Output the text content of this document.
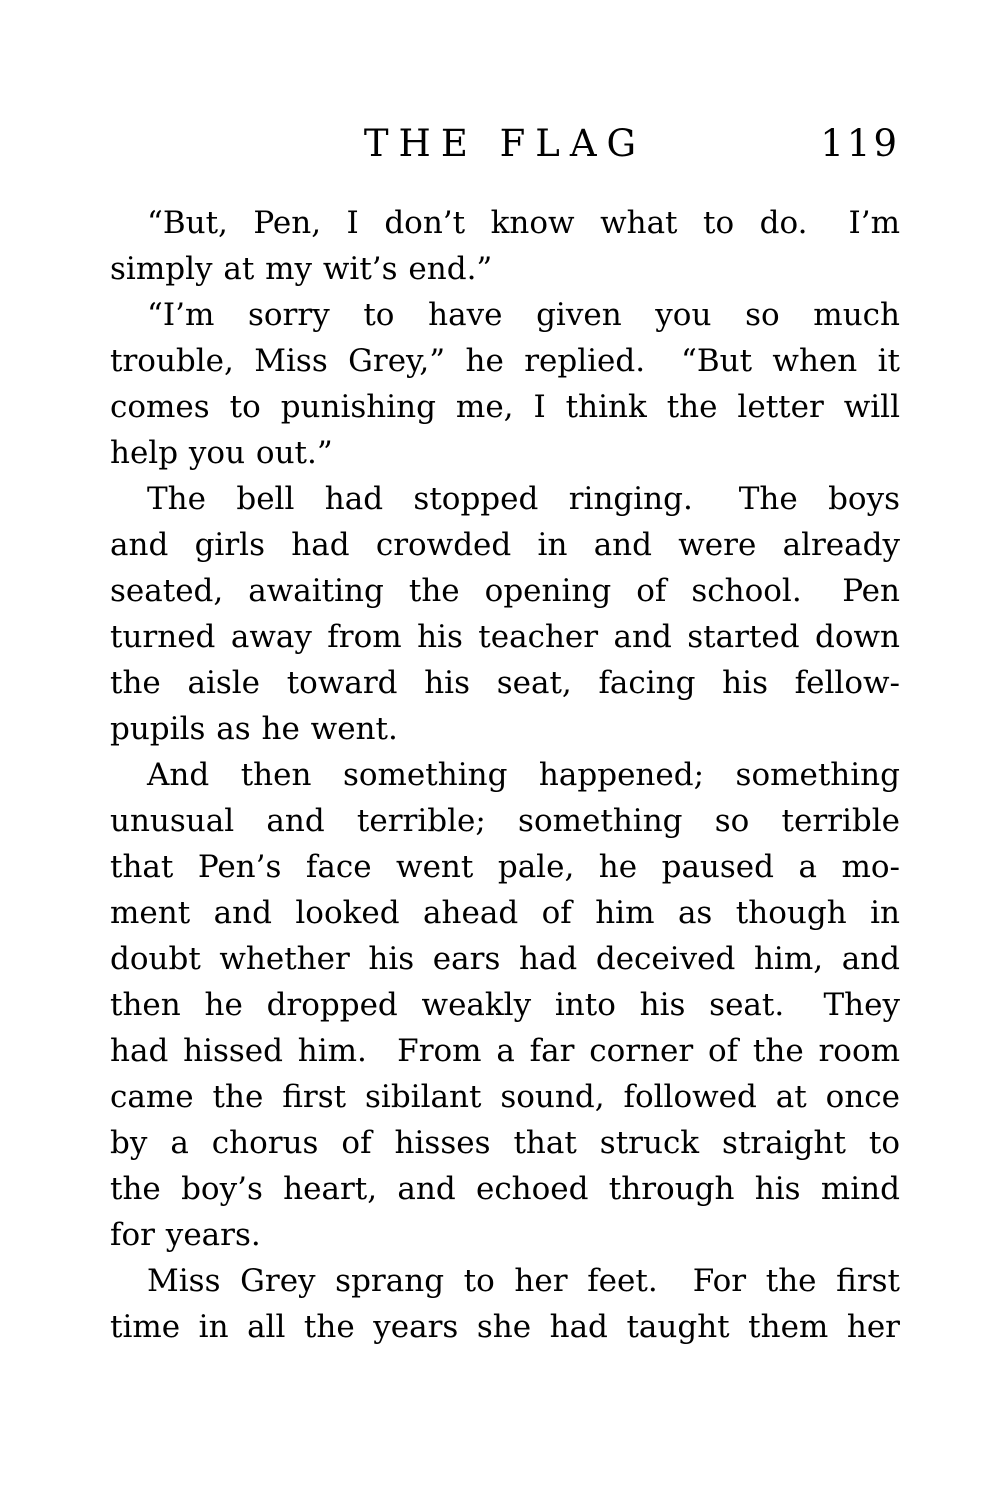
THE FLAG	119
“But, Pen, I don’t know what to do.  I’m
simply at my wit’s end.”
“I’m sorry to have given you so much
trouble, Miss Grey,” he replied.  “But when it
comes to punishing me, I think the letter will
help you out.”
The bell had stopped ringing.  The boys
and girls had crowded in and were already
seated, awaiting the opening of school.  Pen
turned away from his teacher and started down
the aisle toward his seat, facing his fellow-
pupils as he went.
And then something happened; something
unusual and terrible; something so terrible
that Pen’s face went pale, he paused a mo-
ment and looked ahead of him as though in
doubt whether his ears had deceived him, and
then he dropped weakly into his seat.  They
had hissed him.  From a far corner of the room
came the first sibilant sound, followed at once
by a chorus of hisses that struck straight to
the boy’s heart, and echoed through his mind
for years.
Miss Grey sprang to her feet.  For the first
time in all the years she had taught them her
